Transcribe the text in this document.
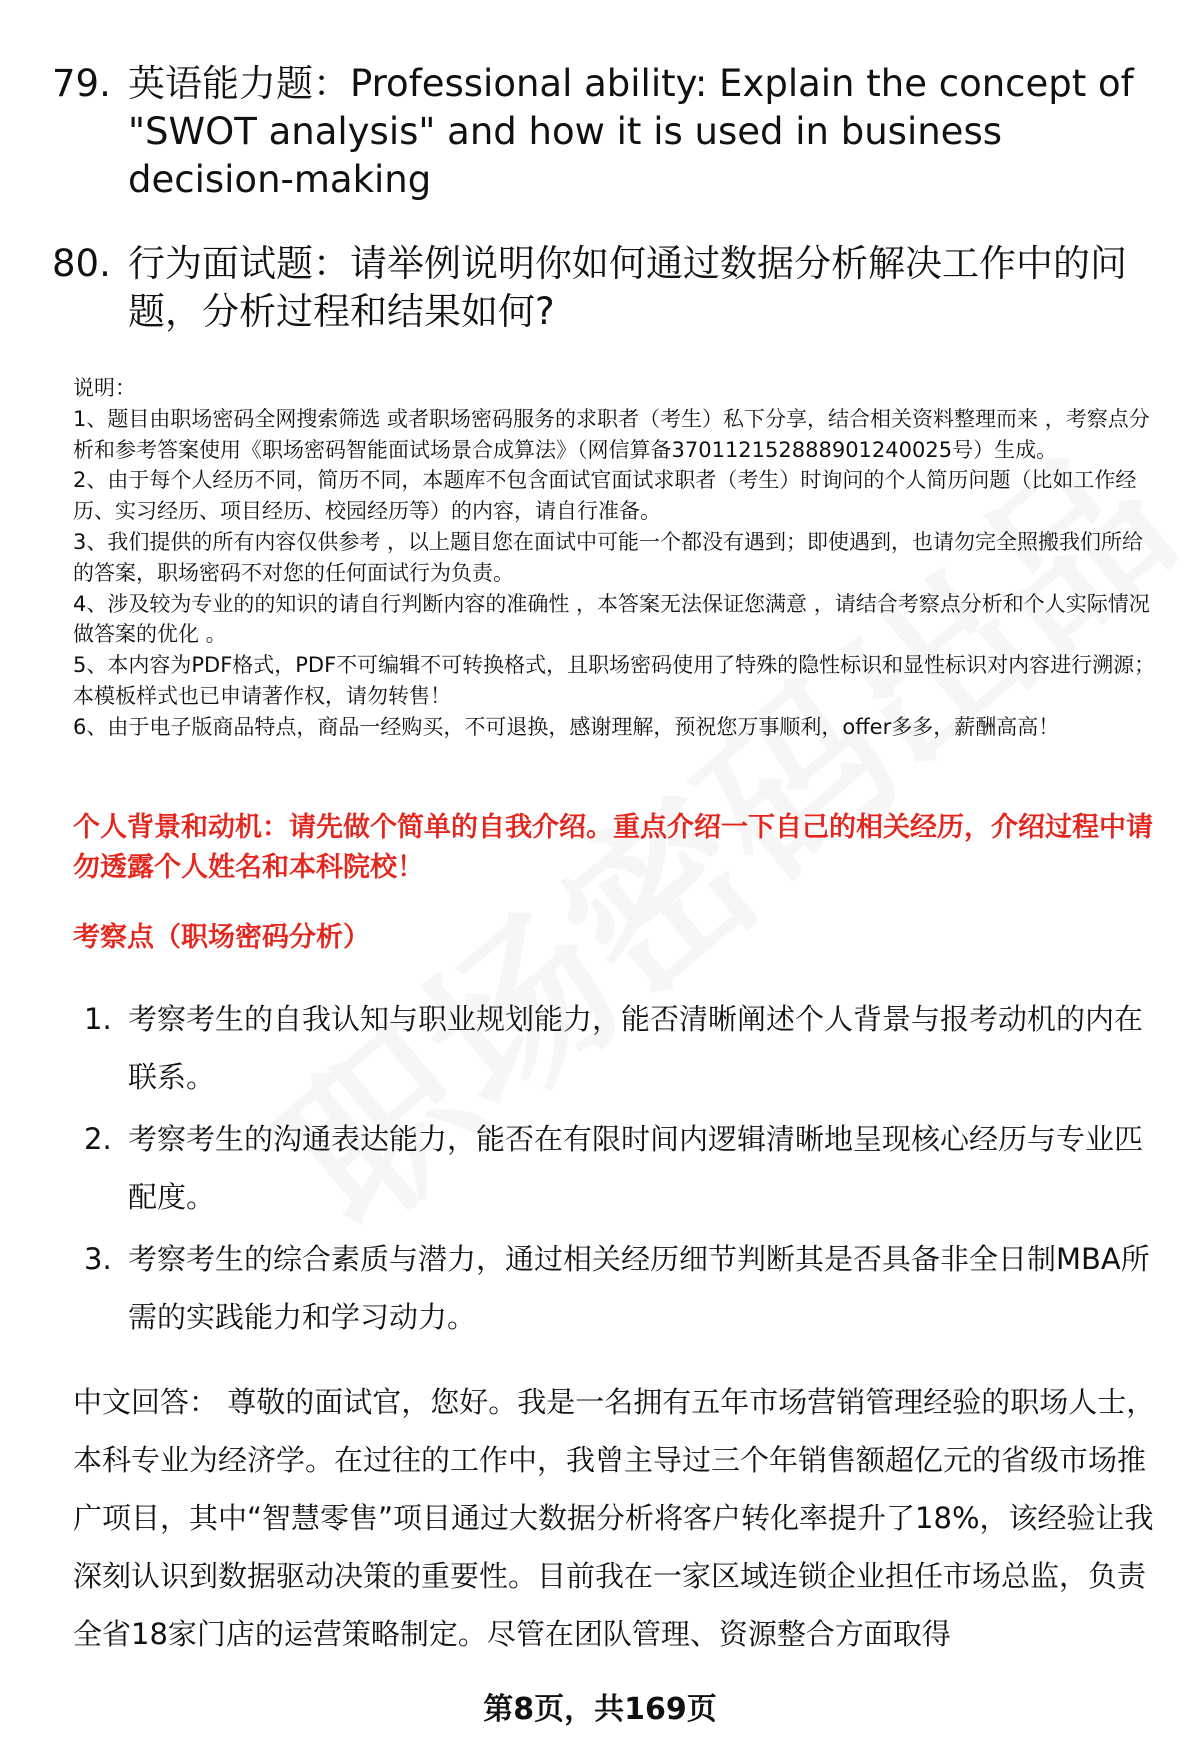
79. 英语能力题：Professional ability: Explain the concept of "SWOT analysis" and how it is used in business decision-making
80. 行为面试题：请举例说明你如何通过数据分析解决工作中的问题，分析过程和结果如何?

说明：

1、题目由职场密码全网搜索筛选 或者职场密码服务的求职者（考生）私下分享，结合相关资料整理而来 ，考察点分析和参考答案使用《职场密码智能面试场景合成算法》（网信算备370112152888901240025号）生成。

2、由于每个人经历不同，简历不同，本题库不包含面试官面试求职者（考生）时询问的个人简历问题（比如工作经历、实习经历、项目经历、校园经历等）的内容，请自行准备。

3、我们提供的所有内容仅供参考 ，以上题目您在面试中可能一个都没有遇到；即使遇到，也请勿完全照搬我们所给的答案，职场密码不对您的任何面试行为负责。

4、涉及较为专业的的知识的请自行判断内容的准确性 ，本答案无法保证您满意 ，请结合考察点分析和个人实际情况做答案的优化 。

5、本内容为PDF格式，PDF不可编辑不可转换格式，且职场密码使用了特殊的隐性标识和显性标识对内容进行溯源；本模板样式也已申请著作权，请勿转售！

6、由于电子版商品特点，商品一经购买，不可退换，感谢理解，预祝您万事顺利，offer多多，薪酬高高！

个人背景和动机：请先做个简单的自我介绍。重点介绍一下自己的相关经历，介绍过程中请勿透露个人姓名和本科院校！
考察点（职场密码分析）
1. 考察考生的自我认知与职业规划能力，能否清晰阐述个人背景与报考动机的内在联系。
2. 考察考生的沟通表达能力，能否在有限时间内逻辑清晰地呈现核心经历与专业匹配度。
3. 考察考生的综合素质与潜力，通过相关经历细节判断其是否具备非全日制MBA所需的实践能力和学习动力。
中文回答： 尊敬的面试官，您好。我是一名拥有五年市场营销管理经验的职场人士，本科专业为经济学。在过往的工作中，我曾主导过三个年销售额超亿元的省级市场推广项目，其中“智慧零售”项目通过大数据分析将客户转化率提升了18%，该经验让我深刻认识到数据驱动决策的重要性。目前我在一家区域连锁企业担任市场总监，负责全省18家门店的运营策略制定。尽管在团队管理、资源整合方面取得
第8页，共169页
